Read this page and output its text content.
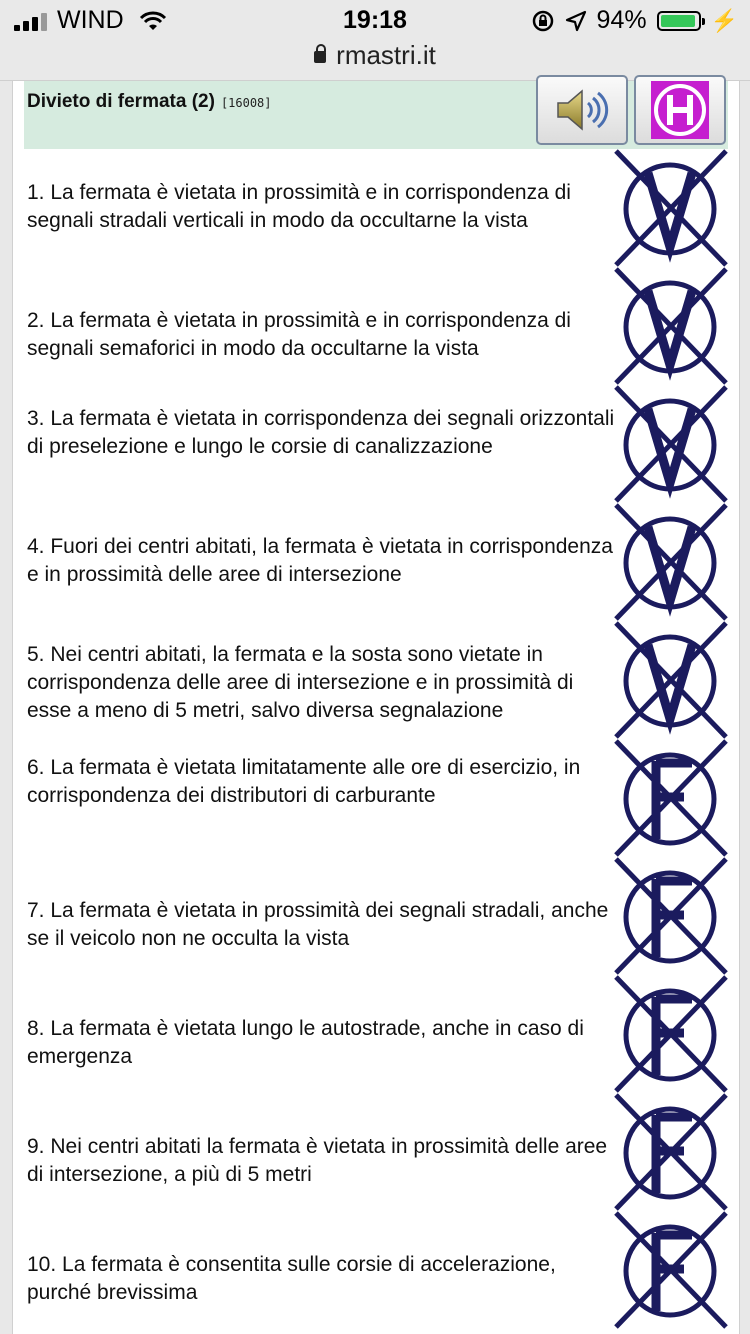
WIND	19:18	94%	⚡
rmastri.it
Divieto di fermata (2) [16008]
1. La fermata è vietata in prossimità e in corrispondenza di segnali stradali verticali in modo da occultarne la vista
2. La fermata è vietata in prossimità e in corrispondenza di segnali semaforici in modo da occultarne la vista
3. La fermata è vietata in corrispondenza dei segnali orizzontali di preselezione e lungo le corsie di canalizzazione
4. Fuori dei centri abitati, la fermata è vietata in corrispondenza e in prossimità delle aree di intersezione
5. Nei centri abitati, la fermata e la sosta sono vietate in corrispondenza delle aree di intersezione e in prossimità di esse a meno di 5 metri, salvo diversa segnalazione
6. La fermata è vietata limitatamente alle ore di esercizio, in corrispondenza dei distributori di carburante
7. La fermata è vietata in prossimità dei segnali stradali, anche se il veicolo non ne occulta la vista
8. La fermata è vietata lungo le autostrade, anche in caso di emergenza
9. Nei centri abitati la fermata è vietata in prossimità delle aree di intersezione, a più di 5 metri
10. La fermata è consentita sulle corsie di accelerazione, purché brevissima
